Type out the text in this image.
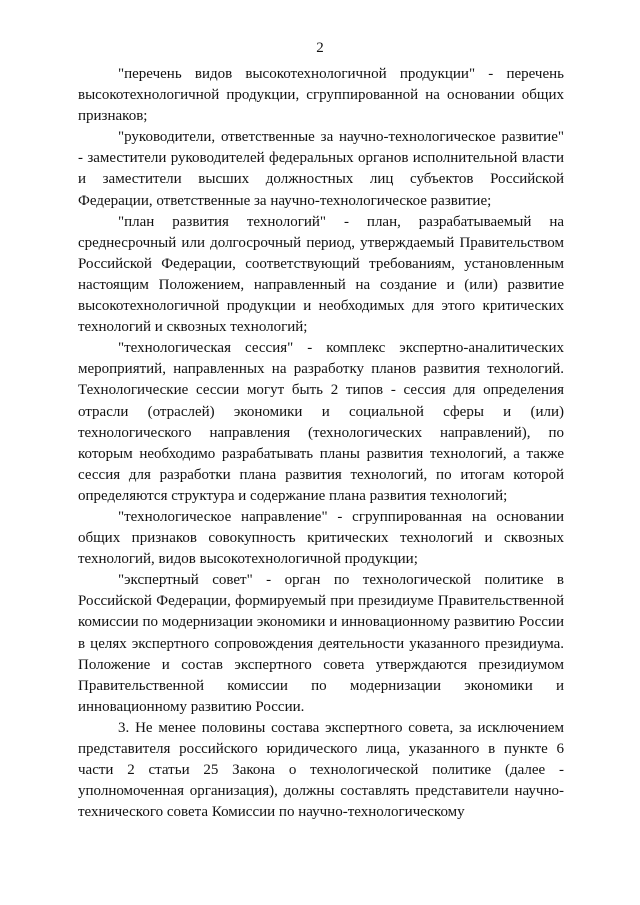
2

"перечень видов высокотехнологичной продукции" - перечень высокотехнологичной продукции, сгруппированной на основании общих признаков;

"руководители, ответственные за научно-технологическое развитие" - заместители руководителей федеральных органов исполнительной власти и заместители высших должностных лиц субъектов Российской Федерации, ответственные за научно-технологическое развитие;

"план развития технологий" - план, разрабатываемый на среднесрочный или долгосрочный период, утверждаемый Правительством Российской Федерации, соответствующий требованиям, установленным настоящим Положением, направленный на создание и (или) развитие высокотехнологичной продукции и необходимых для этого критических технологий и сквозных технологий;

"технологическая сессия" - комплекс экспертно-аналитических мероприятий, направленных на разработку планов развития технологий. Технологические сессии могут быть 2 типов - сессия для определения отрасли (отраслей) экономики и социальной сферы и (или) технологического направления (технологических направлений), по которым необходимо разрабатывать планы развития технологий, а также сессия для разработки плана развития технологий, по итогам которой определяются структура и содержание плана развития технологий;

"технологическое направление" - сгруппированная на основании общих признаков совокупность критических технологий и сквозных технологий, видов высокотехнологичной продукции;

"экспертный совет" - орган по технологической политике в Российской Федерации, формируемый при президиуме Правительственной комиссии по модернизации экономики и инновационному развитию России в целях экспертного сопровождения деятельности указанного президиума. Положение и состав экспертного совета утверждаются президиумом Правительственной комиссии по модернизации экономики и инновационному развитию России.

3. Не менее половины состава экспертного совета, за исключением представителя российского юридического лица, указанного в пункте 6 части 2 статьи 25 Закона о технологической политике (далее - уполномоченная организация), должны составлять представители научно-технического совета Комиссии по научно-технологическому
